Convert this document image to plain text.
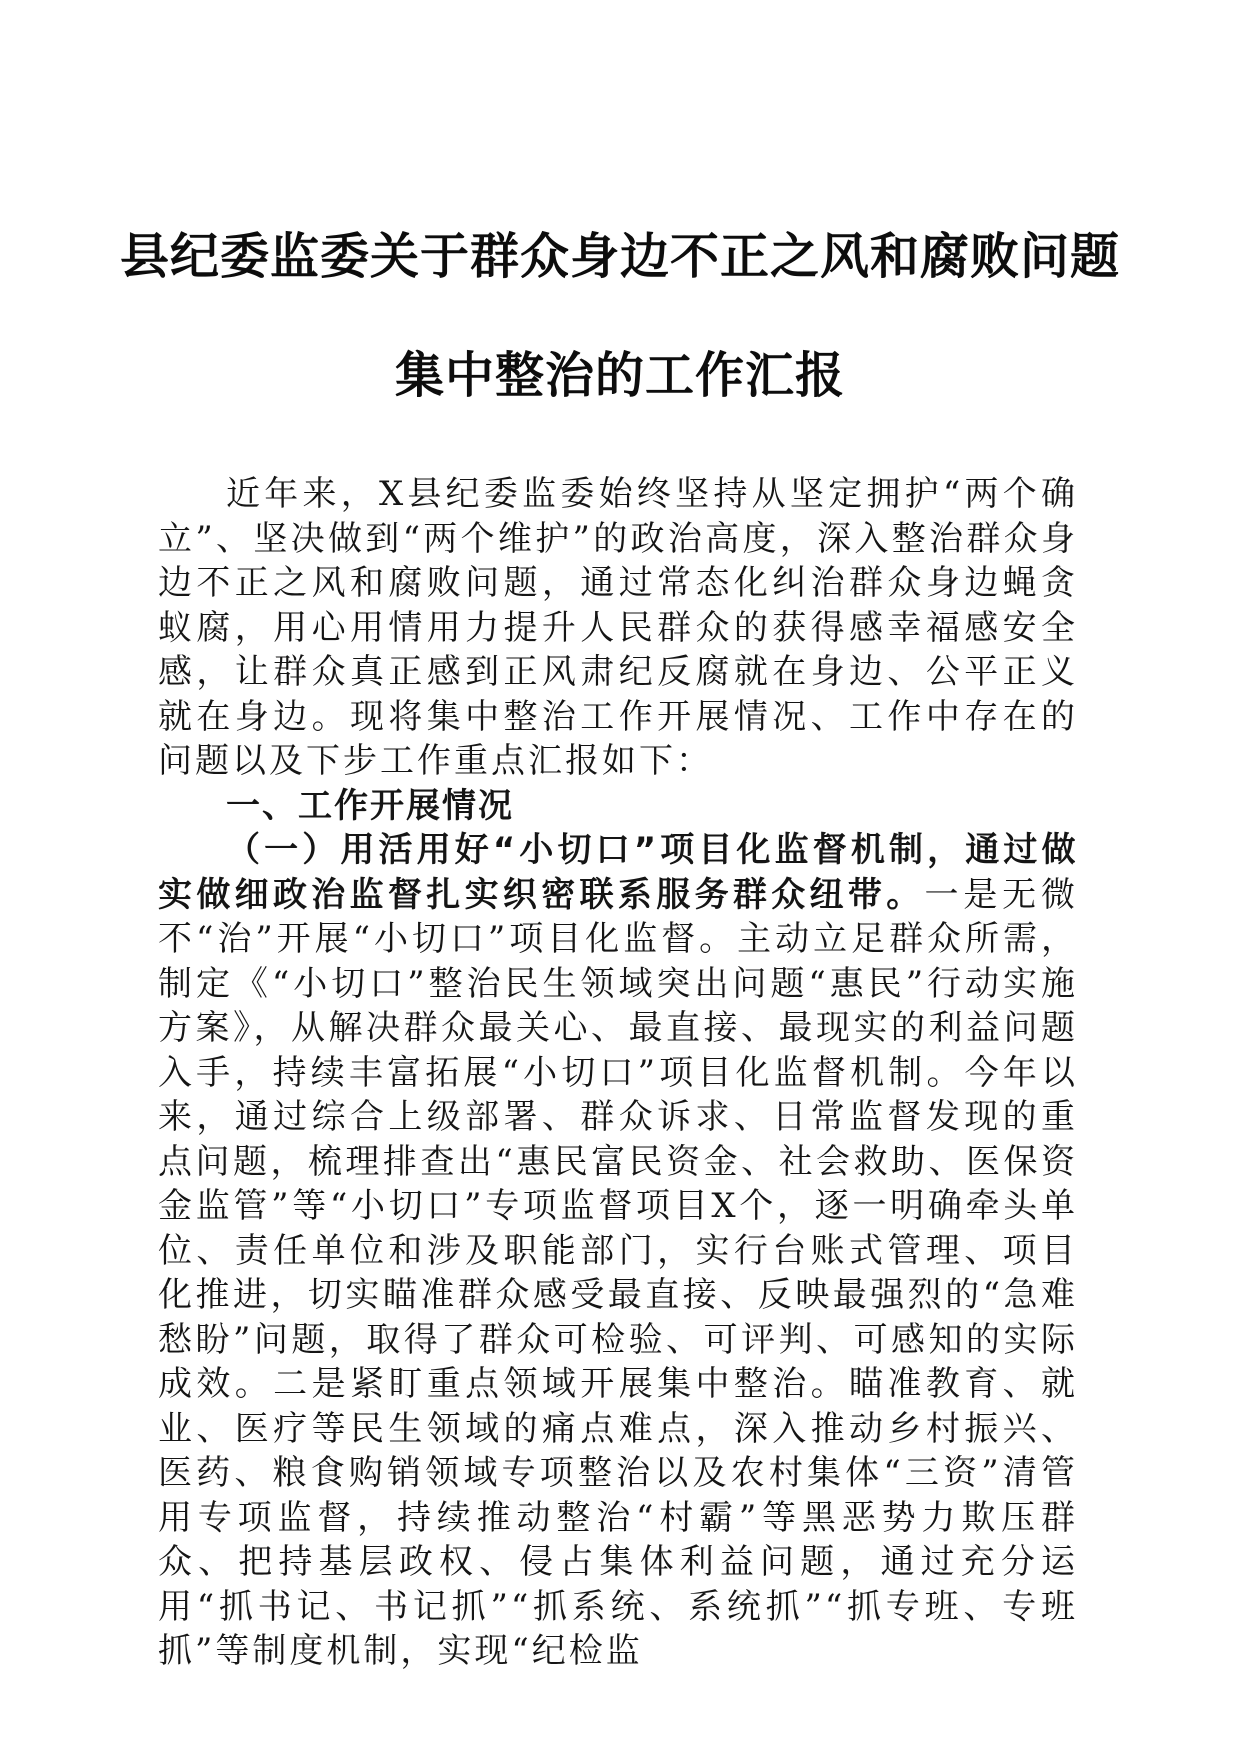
县纪委监委关于群众身边不正之风和腐败问题
集中整治的工作汇报

近年来，X县纪委监委始终坚持从坚定拥护“两个确立”、坚决做到“两个维护”的政治高度，深入整治群众身边不正之风和腐败问题，通过常态化纠治群众身边蝇贪蚁腐，用心用情用力提升人民群众的获得感幸福感安全感，让群众真正感到正风肃纪反腐就在身边、公平正义就在身边。现将集中整治工作开展情况、工作中存在的问题以及下步工作重点汇报如下：

一、工作开展情况

（一）用活用好“小切口”项目化监督机制，通过做实做细政治监督扎实织密联系服务群众纽带。一是无微不“治”开展“小切口”项目化监督。主动立足群众所需，制定《“小切口”整治民生领域突出问题“惠民”行动实施方案》，从解决群众最关心、最直接、最现实的利益问题入手，持续丰富拓展“小切口”项目化监督机制。今年以来，通过综合上级部署、群众诉求、日常监督发现的重点问题，梳理排查出“惠民富民资金、社会救助、医保资金监管”等“小切口”专项监督项目X个，逐一明确牵头单位、责任单位和涉及职能部门，实行台账式管理、项目化推进，切实瞄准群众感受最直接、反映最强烈的“急难愁盼”问题，取得了群众可检验、可评判、可感知的实际成效。二是紧盯重点领域开展集中整治。瞄准教育、就业、医疗等民生领域的痛点难点，深入推动乡村振兴、医药、粮食购销领域专项整治以及农村集体“三资”清管用专项监督，持续推动整治“村霸”等黑恶势力欺压群众、把持基层政权、侵占集体利益问题，通过充分运用“抓书记、书记抓”“抓系统、系统抓”“抓专班、专班抓”等制度机制，实现“纪检监
